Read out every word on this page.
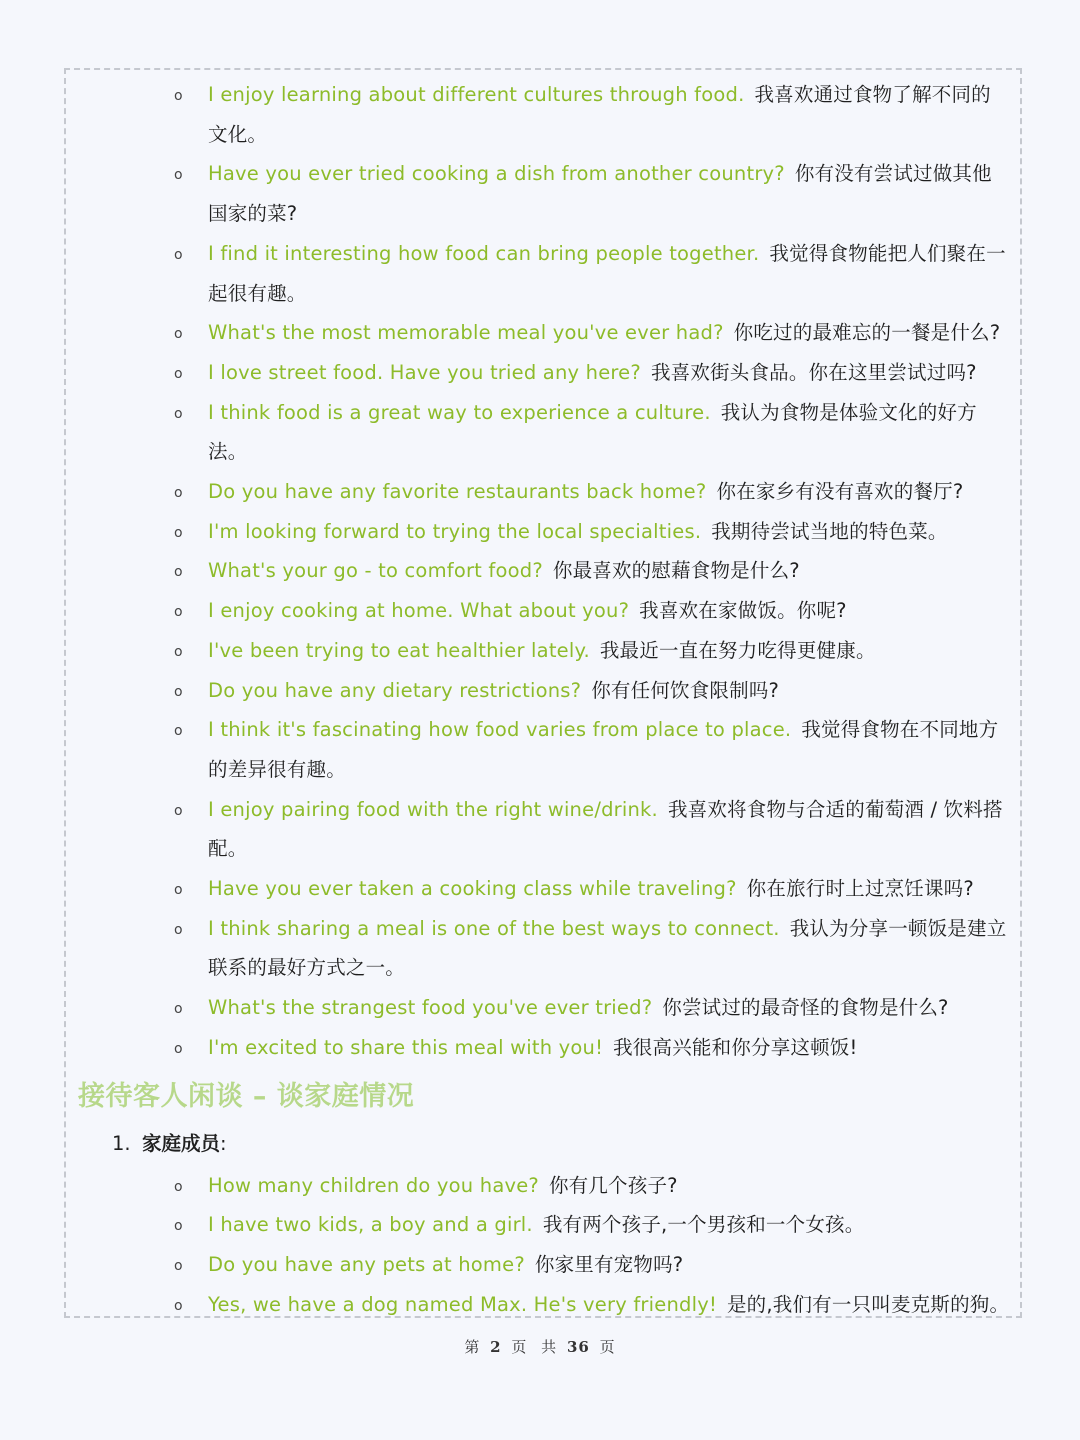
o I enjoy learning about different cultures through food. 我喜欢通过食物了解不同的文化。
o Have you ever tried cooking a dish from another country? 你有没有尝试过做其他国家的菜?
o I find it interesting how food can bring people together. 我觉得食物能把人们聚在一起很有趣。
o What's the most memorable meal you've ever had? 你吃过的最难忘的一餐是什么?
o I love street food. Have you tried any here? 我喜欢街头食品。你在这里尝试过吗?
o I think food is a great way to experience a culture. 我认为食物是体验文化的好方法。
o Do you have any favorite restaurants back home? 你在家乡有没有喜欢的餐厅?
o I'm looking forward to trying the local specialties. 我期待尝试当地的特色菜。
o What's your go - to comfort food? 你最喜欢的慰藉食物是什么?
o I enjoy cooking at home. What about you? 我喜欢在家做饭。你呢?
o I've been trying to eat healthier lately. 我最近一直在努力吃得更健康。
o Do you have any dietary restrictions? 你有任何饮食限制吗?
o I think it's fascinating how food varies from place to place. 我觉得食物在不同地方的差异很有趣。
o I enjoy pairing food with the right wine/drink. 我喜欢将食物与合适的葡萄酒 / 饮料搭配。
o Have you ever taken a cooking class while traveling? 你在旅行时上过烹饪课吗?
o I think sharing a meal is one of the best ways to connect. 我认为分享一顿饭是建立联系的最好方式之一。
o What's the strangest food you've ever tried? 你尝试过的最奇怪的食物是什么?
o I'm excited to share this meal with you! 我很高兴能和你分享这顿饭!
接待客人闲谈 – 谈家庭情况
1. 家庭成员:
o How many children do you have? 你有几个孩子?
o I have two kids, a boy and a girl. 我有两个孩子,一个男孩和一个女孩。
o Do you have any pets at home? 你家里有宠物吗?
o Yes, we have a dog named Max. He's very friendly! 是的,我们有一只叫麦克斯的狗。
第 2 页 共 36 页
